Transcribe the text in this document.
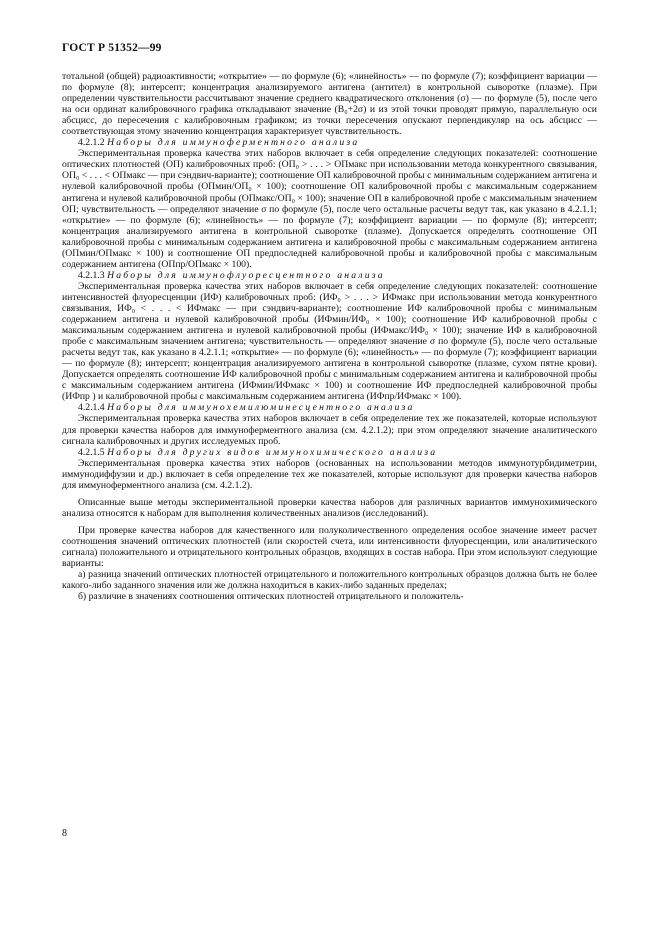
ГОСТ Р 51352—99

тотальной (общей) радиоактивности; «открытие» — по формуле (6); «линейность» — по формуле (7); коэффициент вариации — по формуле (8); интерсепт; концентрация анализируемого антигена (антител) в контрольной сыворотке (плазме). При определении чувствительности рассчитывают значение среднего квадратического отклонения (σ) — по формуле (5), после чего на оси ординат калибровочного графика откладывают значение (B₀+2σ) и из этой точки проводят прямую, параллельную оси абсцисс, до пересечения с калибровочным графиком; из точки пересечения опускают перпендикуляр на ось абсцисс — соответствующая этому значению концентрация характеризует чувствительность.

4.2.1.2 Наборы для иммуноферментного анализа

Экспериментальная проверка качества этих наборов включает в себя определение следующих показателей: соотношение оптических плотностей (ОП) калибровочных проб: (ОП₀ > . . . > ОПмакс при использовании метода конкурентного связывания, ОП₀ < . . . < ОПмакс — при сэндвич-варианте); соотношение ОП калибровочной пробы с минимальным содержанием антигена и нулевой калибровочной пробы (ОПмин/ОП₀ × 100); соотношение ОП калибровочной пробы с максимальным содержанием антигена и нулевой калибровочной пробы (ОПмакс/ОП₀ × 100); значение ОП в калибровочной пробе с максимальным значением ОП; чувствительность — определяют значение σ по формуле (5), после чего остальные расчеты ведут так, как указано в 4.2.1.1; «открытие» — по формуле (6); «линейность» — по формуле (7); коэффициент вариации — по формуле (8); интерсепт; концентрация анализируемого антигена в контрольной сыворотке (плазме). Допускается определять соотношение ОП калибровочной пробы с минимальным содержанием антигена и калибровочной пробы с максимальным содержанием антигена (ОПмин/ОПмакс × 100) и соотношение ОП предпоследней калибровочной пробы и калибровочной пробы с максимальным содержанием антигена (ОПпр/ОПмакс × 100).

4.2.1.3 Наборы для иммунофлуоресцентного анализа

Экспериментальная проверка качества этих наборов включает в себя определение следующих показателей: соотношение интенсивностей флуоресценции (ИФ) калибровочных проб: (ИФ₀ > . . . > ИФмакс при использовании метода конкурентного связывания, ИФ₀ < . . . < ИФмакс — при сэндвич-варианте); соотношение ИФ калибровочной пробы с минимальным содержанием антигена и нулевой калибровочной пробы (ИФмин/ИФ₀ × 100); соотношение ИФ калибровочной пробы с максимальным содержанием антигена и нулевой калибровочной пробы (ИФмакс/ИФ₀ × 100); значение ИФ в калибровочной пробе с максимальным значением антигена; чувствительность — определяют значение σ по формуле (5), после чего остальные расчеты ведут так, как указано в 4.2.1.1; «открытие» — по формуле (6); «линейность» — по формуле (7); коэффициент вариации — по формуле (8); интерсепт; концентрация анализируемого антигена в контрольной сыворотке (плазме, сухом пятне крови). Допускается определять соотношение ИФ калибровочной пробы с минимальным содержанием антигена и калибровочной пробы с максимальным содержанием антигена (ИФмин/ИФмакс × 100) и соотношение ИФ предпоследней калибровочной пробы (ИФпр ) и калибровочной пробы с максимальным содержанием антигена (ИФпр/ИФмакс × 100).

4.2.1.4 Наборы для иммунохемилюминесцентного анализа

Экспериментальная проверка качества этих наборов включает в себя определение тех же показателей, которые используют для проверки качества наборов для иммуноферментного анализа (см. 4.2.1.2); при этом определяют значение аналитического сигнала калибровочных и других исследуемых проб.

4.2.1.5 Наборы для других видов иммунохимического анализа

Экспериментальная проверка качества этих наборов (основанных на использовании методов иммунотурбидиметрии, иммунодиффузии и др.) включает в себя определение тех же показателей, которые используют для проверки качества наборов для иммуноферментного анализа (см. 4.2.1.2).

Описанные выше методы экспериментальной проверки качества наборов для различных вариантов иммунохимического анализа относятся к наборам для выполнения количественных анализов (исследований).

При проверке качества наборов для качественного или полуколичественного определения особое значение имеет расчет соотношения значений оптических плотностей (или скоростей счета, или интенсивности флуоресценции, или аналитического сигнала) положительного и отрицательного контрольных образцов, входящих в состав набора. При этом используют следующие варианты:

а) разница значений оптических плотностей отрицательного и положительного контрольных образцов должна быть не более какого-либо заданного значения или же должна находиться в каких-либо заданных пределах;

б) различие в значениях соотношения оптических плотностей отрицательного и положитель-

8
